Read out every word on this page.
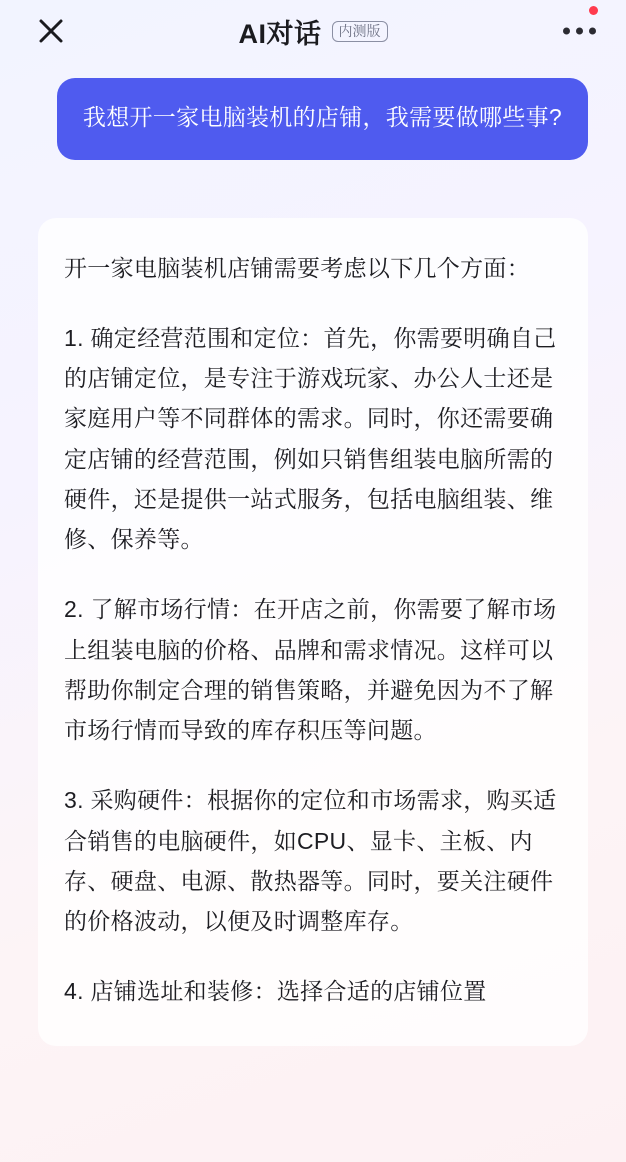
AI对话	内测版
我想开一家电脑装机的店铺，我需要做哪些事?

开一家电脑装机店铺需要考虑以下几个方面：

1. 确定经营范围和定位：首先，你需要明确自己的店铺定位，是专注于游戏玩家、办公人士还是家庭用户等不同群体的需求。同时，你还需要确定店铺的经营范围，例如只销售组装电脑所需的硬件，还是提供一站式服务，包括电脑组装、维修、保养等。

2. 了解市场行情：在开店之前，你需要了解市场上组装电脑的价格、品牌和需求情况。这样可以帮助你制定合理的销售策略，并避免因为不了解市场行情而导致的库存积压等问题。

3. 采购硬件：根据你的定位和市场需求，购买适合销售的电脑硬件，如CPU、显卡、主板、内存、硬盘、电源、散热器等。同时，要关注硬件的价格波动，以便及时调整库存。

4. 店铺选址和装修：选择合适的店铺位置
